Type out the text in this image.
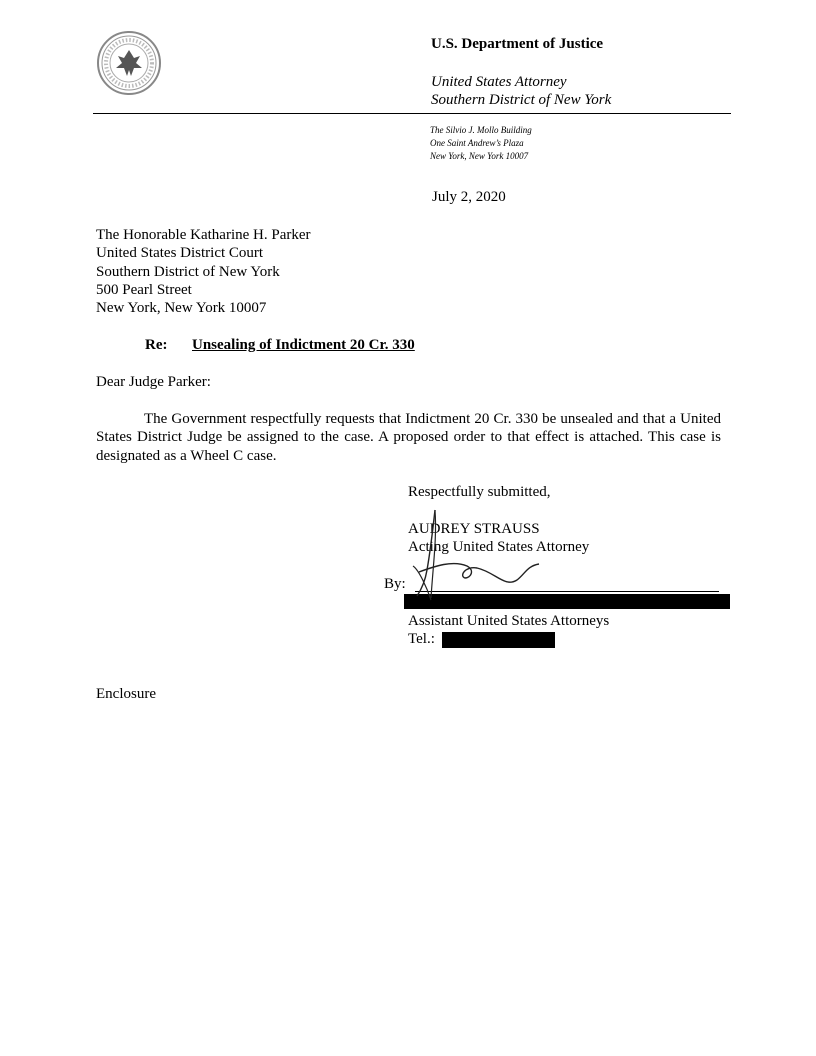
U.S. Department of Justice
United States Attorney
Southern District of New York
The Silvio J. Mollo Building
One Saint Andrew’s Plaza
New York, New York 10007
July 2, 2020
The Honorable Katharine H. Parker
United States District Court
Southern District of New York
500 Pearl Street
New York, New York 10007
Re: Unsealing of Indictment 20 Cr. 330
Dear Judge Parker:
The Government respectfully requests that Indictment 20 Cr. 330 be unsealed and that a United States District Judge be assigned to the case. A proposed order to that effect is attached. This case is designated as a Wheel C case.
Respectfully submitted,
AUDREY STRAUSS
Acting United States Attorney
By:
Assistant United States Attorneys
Tel.:
Enclosure
